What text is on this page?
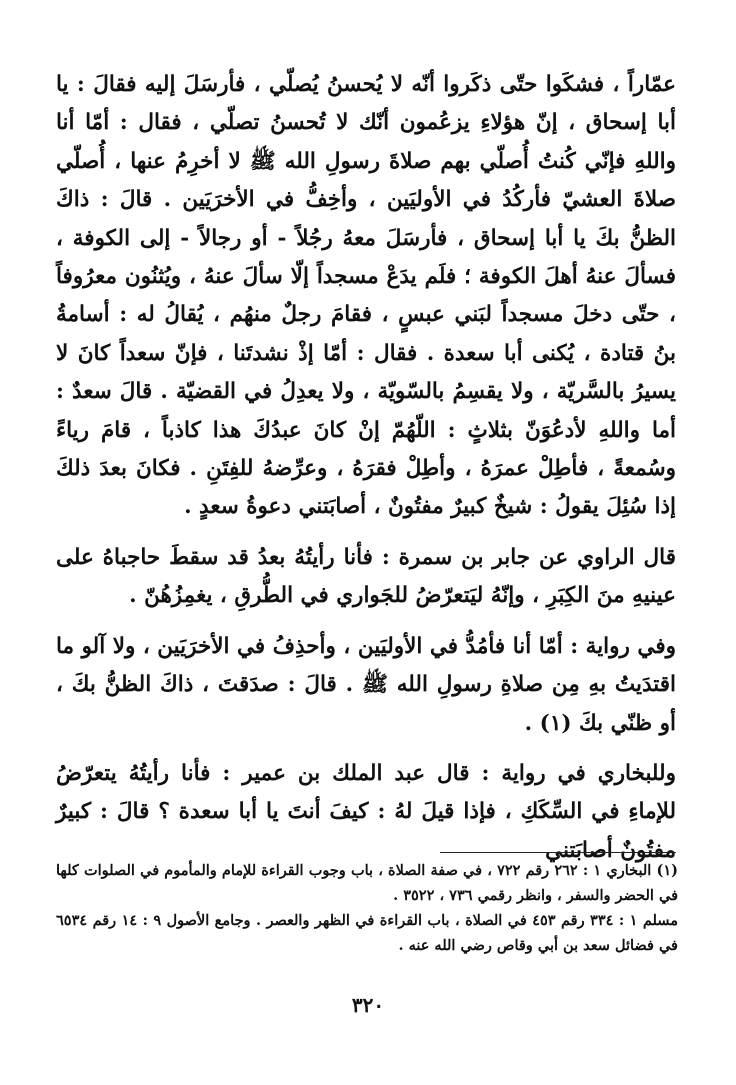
عمّاراً ، فشكَوا حتّى ذكَروا أنّه لا يُحسنُ يُصلّي ، فأرسَلَ إليه فقالَ : يا أبا إسحاق ، إنّ هؤلاءِ يزعُمون أنّك لا تُحسنُ تصلّي ، فقال : أمّا أنا واللهِ فإنّي كُنتُ أُصلّي بهم صلاةَ رسولِ الله ﷺ لا أخرِمُ عنها ، أُصلّي صلاةَ العشيّ فأركُدُ في الأوليَين ، وأخِفُّ في الأخرَيَين . قالَ : ذاكَ الظنُّ بكَ يا أبا إسحاق ، فأرسَلَ معهُ رجُلاً - أو رجالاً - إلى الكوفة ، فسألَ عنهُ أهلَ الكوفة ؛ فلَم يدَعْ مسجداً إلّا سألَ عنهُ ، ويُثنُون معرُوفاً ، حتّى دخلَ مسجداً لبَني عبسٍ ، فقامَ رجلٌ منهُم ، يُقالُ له : أسامةُ بنُ قتادة ، يُكنى أبا سعدة . فقال : أمّا إذْ نشدتَنا ، فإنّ سعداً كانَ لا يسيرُ بالسَّريّة ، ولا يقسِمُ بالسّويّة ، ولا يعدِلُ في القضيّة . قالَ سعدٌ : أما واللهِ لأدعُوَنّ بثلاثٍ : اللّهُمّ إنْ كانَ عبدُكَ هذا كاذباً ، قامَ رياءً وسُمعةً ، فأطِلْ عمرَهُ ، وأطِلْ فقرَهُ ، وعرِّضهُ للفِتَنِ . فكانَ بعدَ ذلكَ إذا سُئِلَ يقولُ : شيخٌ كبيرٌ مفتُونٌ ، أصابَتني دعوةُ سعدٍ .

قال الراوي عن جابر بن سمرة : فأنا رأيتُهُ بعدُ قد سقطَ حاجباهُ على عينيهِ منَ الكِبَرِ ، وإنّهُ ليَتعرّضُ للجَواري في الطُّرقِ ، يغمِزُهُنّ .

وفي رواية : أمّا أنا فأمُدُّ في الأوليَين ، وأحذِفُ في الأخرَيَين ، ولا آلو ما اقتدَيتُ بهِ مِن صلاةِ رسولِ الله ﷺ . قالَ : صدَقتَ ، ذاكَ الظنُّ بكَ ، أو ظنّي بكَ (١) .

وللبخاري في رواية : قال عبد الملك بن عمير : فأنا رأيتُهُ يتعرّضُ للإماءِ في السِّكَكِ ، فإذا قيلَ لهُ : كيفَ أنتَ يا أبا سعدة ؟ قالَ : كبيرٌ مفتُونٌ أصابَتني

(١) البخاري ١ : ٢٦٢ رقم ٧٢٢ ، في صفة الصلاة ، باب وجوب القراءة للإمام والمأموم في الصلوات كلها في الحضر والسفر ، وانظر رقمي ٧٣٦ ، ٣٥٢٢ .

مسلم ١ : ٣٣٤ رقم ٤٥٣ في الصلاة ، باب القراءة في الظهر والعصر . وجامع الأصول ٩ : ١٤ رقم ٦٥٣٤ في فضائل سعد بن أبي وقاص رضي الله عنه .

٣٢٠
